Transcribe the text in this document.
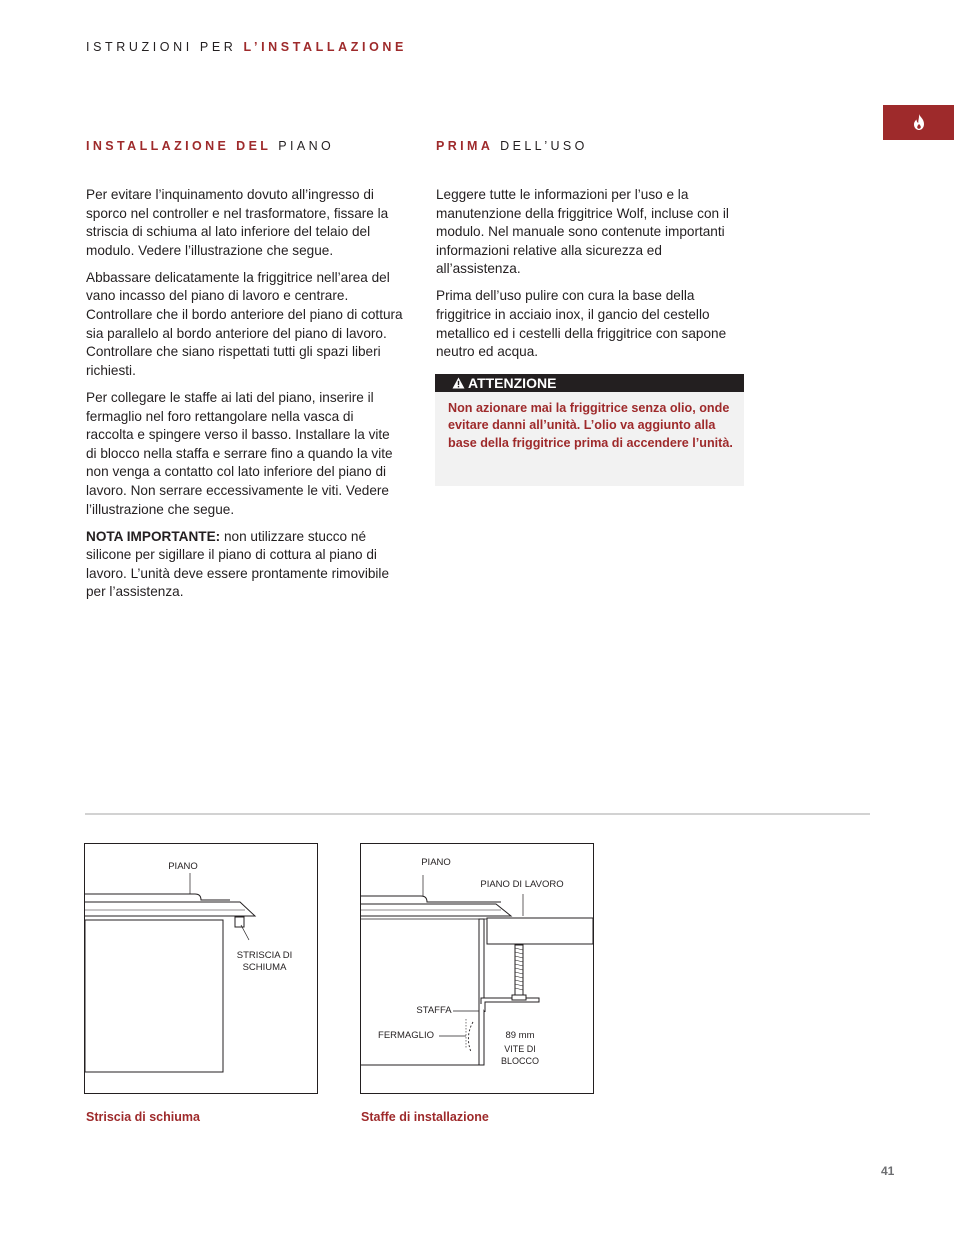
ISTRUZIONI PER L’INSTALLAZIONE
INSTALLAZIONE DEL PIANO	PRIMA DELL’USO

Per evitare l’inquinamento dovuto all’ingresso di sporco nel controller e nel trasformatore, fissare la striscia di schiuma al lato inferiore del telaio del modulo. Vedere l’illustrazione che segue.

Abbassare delicatamente la friggitrice nell’area del vano incasso del piano di lavoro e centrare. Controllare che il bordo anteriore del piano di cottura sia parallelo al bordo anteriore del piano di lavoro. Controllare che siano rispettati tutti gli spazi liberi richiesti.

Per collegare le staffe ai lati del piano, inserire il fermaglio nel foro rettangolare nella vasca di raccolta e spingere verso il basso. Installare la vite di blocco nella staffa e serrare fino a quando la vite non venga a contatto col lato inferiore del piano di lavoro. Non serrare eccessivamente le viti. Vedere l’illustrazione che segue.

NOTA IMPORTANTE: non utilizzare stucco né silicone per sigillare il piano di cottura al piano di lavoro. L’unità deve essere prontamente rimovibile per l’assistenza.

Leggere tutte le informazioni per l’uso e la manutenzione della friggitrice Wolf, incluse con il modulo. Nel manuale sono contenute importanti informazioni relative alla sicurezza ed all’assistenza.

Prima dell’uso pulire con cura la base della friggitrice in acciaio inox, il gancio del cestello metallico ed i cestelli della friggitrice con sapone neutro ed acqua.

ATTENZIONE
Non azionare mai la friggitrice senza olio, onde evitare danni all’unità. L’olio va aggiunto alla base della friggitrice prima di accendere l’unità.
PIANO
STRISCIA DI SCHIUMA
PIANO
PIANO DI LAVORO
STAFFA
FERMAGLIO	89 mm
VITE DI BLOCCO
Striscia di schiuma	Staffe di installazione
41
